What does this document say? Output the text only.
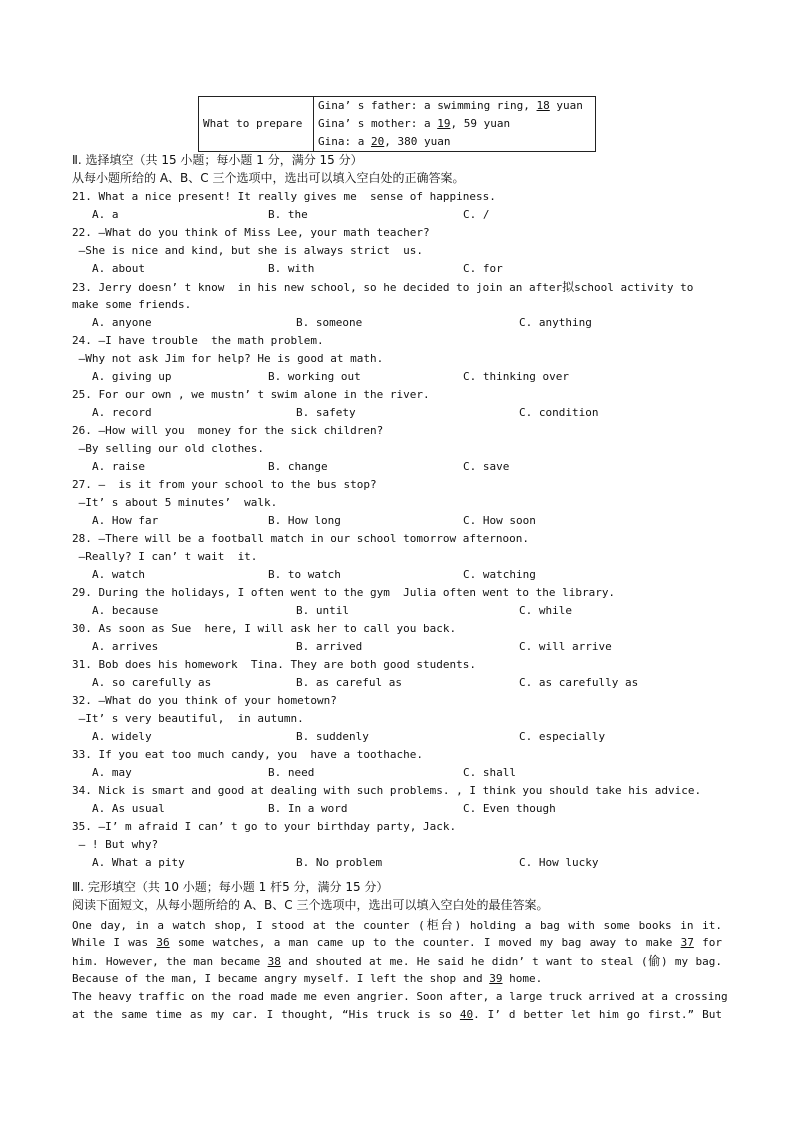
What to prepare	
Gina’ s father: a swimming ring, 18 yuan
Gina’ s mother: a 19, 59 yuan
Gina: a 20, 380 yuan
Ⅱ. 选择填空（共 15 小题；每小题 1 分，满分 15 分）
从每小题所给的 A、B、C 三个选项中，选出可以填入空白处的正确答案。
21. What a nice present! It really gives me  sense of happiness.
A. a	B. the	C. /
22. —What do you think of Miss Lee, your math teacher?
—She is nice and kind, but she is always strict  us.
A. about	B. with	C. for
23. Jerry doesn’ t know  in his new school, so he decided to join an after拟school activity to
make some friends.
A. anyone	B. someone	C. anything
24. —I have trouble  the math problem.
—Why not ask Jim for help? He is good at math.
A. giving up	B. working out	C. thinking over
25. For our own , we mustn’ t swim alone in the river.
A. record	B. safety	C. condition
26. —How will you  money for the sick children?
—By selling our old clothes.
A. raise	B. change	C. save
27. —  is it from your school to the bus stop?
—It’ s about 5 minutes’  walk.
A. How far	B. How long	C. How soon
28. —There will be a football match in our school tomorrow afternoon.
—Really? I can’ t wait  it.
A. watch	B. to watch	C. watching
29. During the holidays, I often went to the gym  Julia often went to the library.
A. because	B. until	C. while
30. As soon as Sue  here, I will ask her to call you back.
A. arrives	B. arrived	C. will arrive
31. Bob does his homework  Tina. They are both good students.
A. so carefully as	B. as careful as	C. as carefully as
32. —What do you think of your hometown?
—It’ s very beautiful,  in autumn.
A. widely	B. suddenly	C. especially
33. If you eat too much candy, you  have a toothache.
A. may	B. need	C. shall
34. Nick is smart and good at dealing with such problems. , I think you should take his advice.
A. As usual	B. In a word	C. Even though
35. —I’ m afraid I can’ t go to your birthday party, Jack.
— ! But why?
A. What a pity	B. No problem	C. How lucky
Ⅲ. 完形填空（共 10 小题；每小题 1 杆5 分，满分 15 分）
阅读下面短文，从每小题所给的 A、B、C 三个选项中，选出可以填入空白处的最佳答案。
One day, in a watch shop, I stood at the counter (柜台) holding a bag with some books in it.
While I was 36 some watches, a man came up to the counter. I moved my bag away to make 37 for
him. However, the man became 38 and shouted at me. He said he didn’ t want to steal (偷) my bag.
Because of the man, I became angry myself. I left the shop and 39 home.
The heavy traffic on the road made me even angrier. Soon after, a large truck arrived at a crossing
at the same time as my car. I thought, “His truck is so 40. I’ d better let him go first.” But
